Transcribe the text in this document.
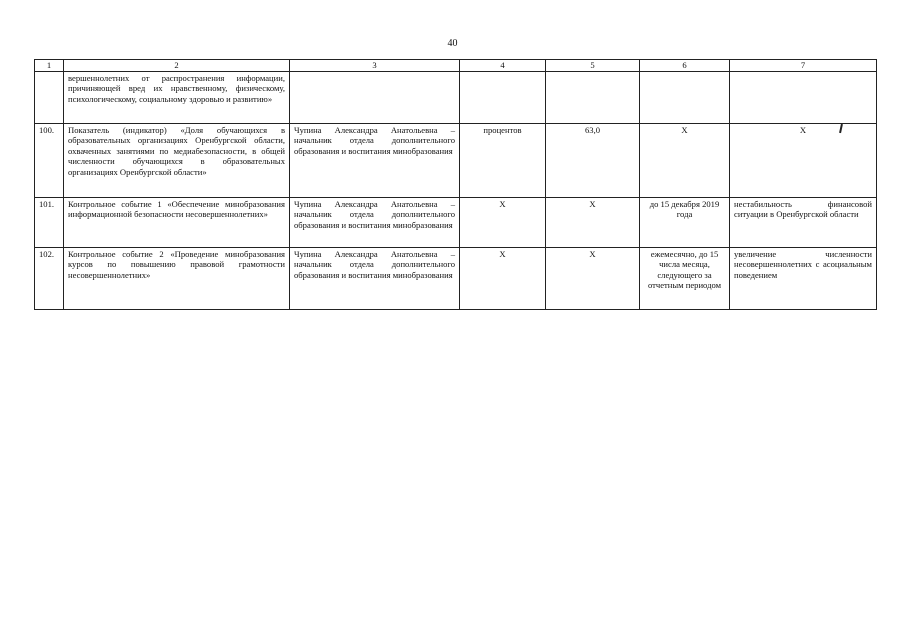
40
1	2	3	4	5	6	7
	вершеннолетних от распространения информации, причиняющей вред их нравственному, физическому, психологическому, социальному здоровью и развитию»					
100.	Показатель (индикатор) «Доля обучающихся в образовательных организациях Оренбургской области, охваченных занятиями по медиабезопасности, в общей численности обучающихся в образовательных организациях Оренбургской области»	Чупина Александра Анатольевна – начальник отдела дополнительного образования и воспитания минобразования	процентов	63,0	Х	Х
101.	Контрольное событие 1 «Обеспечение минобразования информационной безопасности несовершеннолетних»	Чупина Александра Анатольевна – начальник отдела дополнительного образования и воспитания минобразования	Х	Х	до 15 декабря 2019 года	нестабильность финансовой ситуации в Оренбургской области
102.	Контрольное событие 2 «Проведение минобразования курсов по повышению правовой грамотности несовершеннолетних»	Чупина Александра Анатольевна – начальник отдела дополнительного образования и воспитания минобразования	Х	Х	ежемесячно, до 15 числа месяца, следующего за отчетным периодом	увеличение численности несовершеннолетних с асоциальным поведением
